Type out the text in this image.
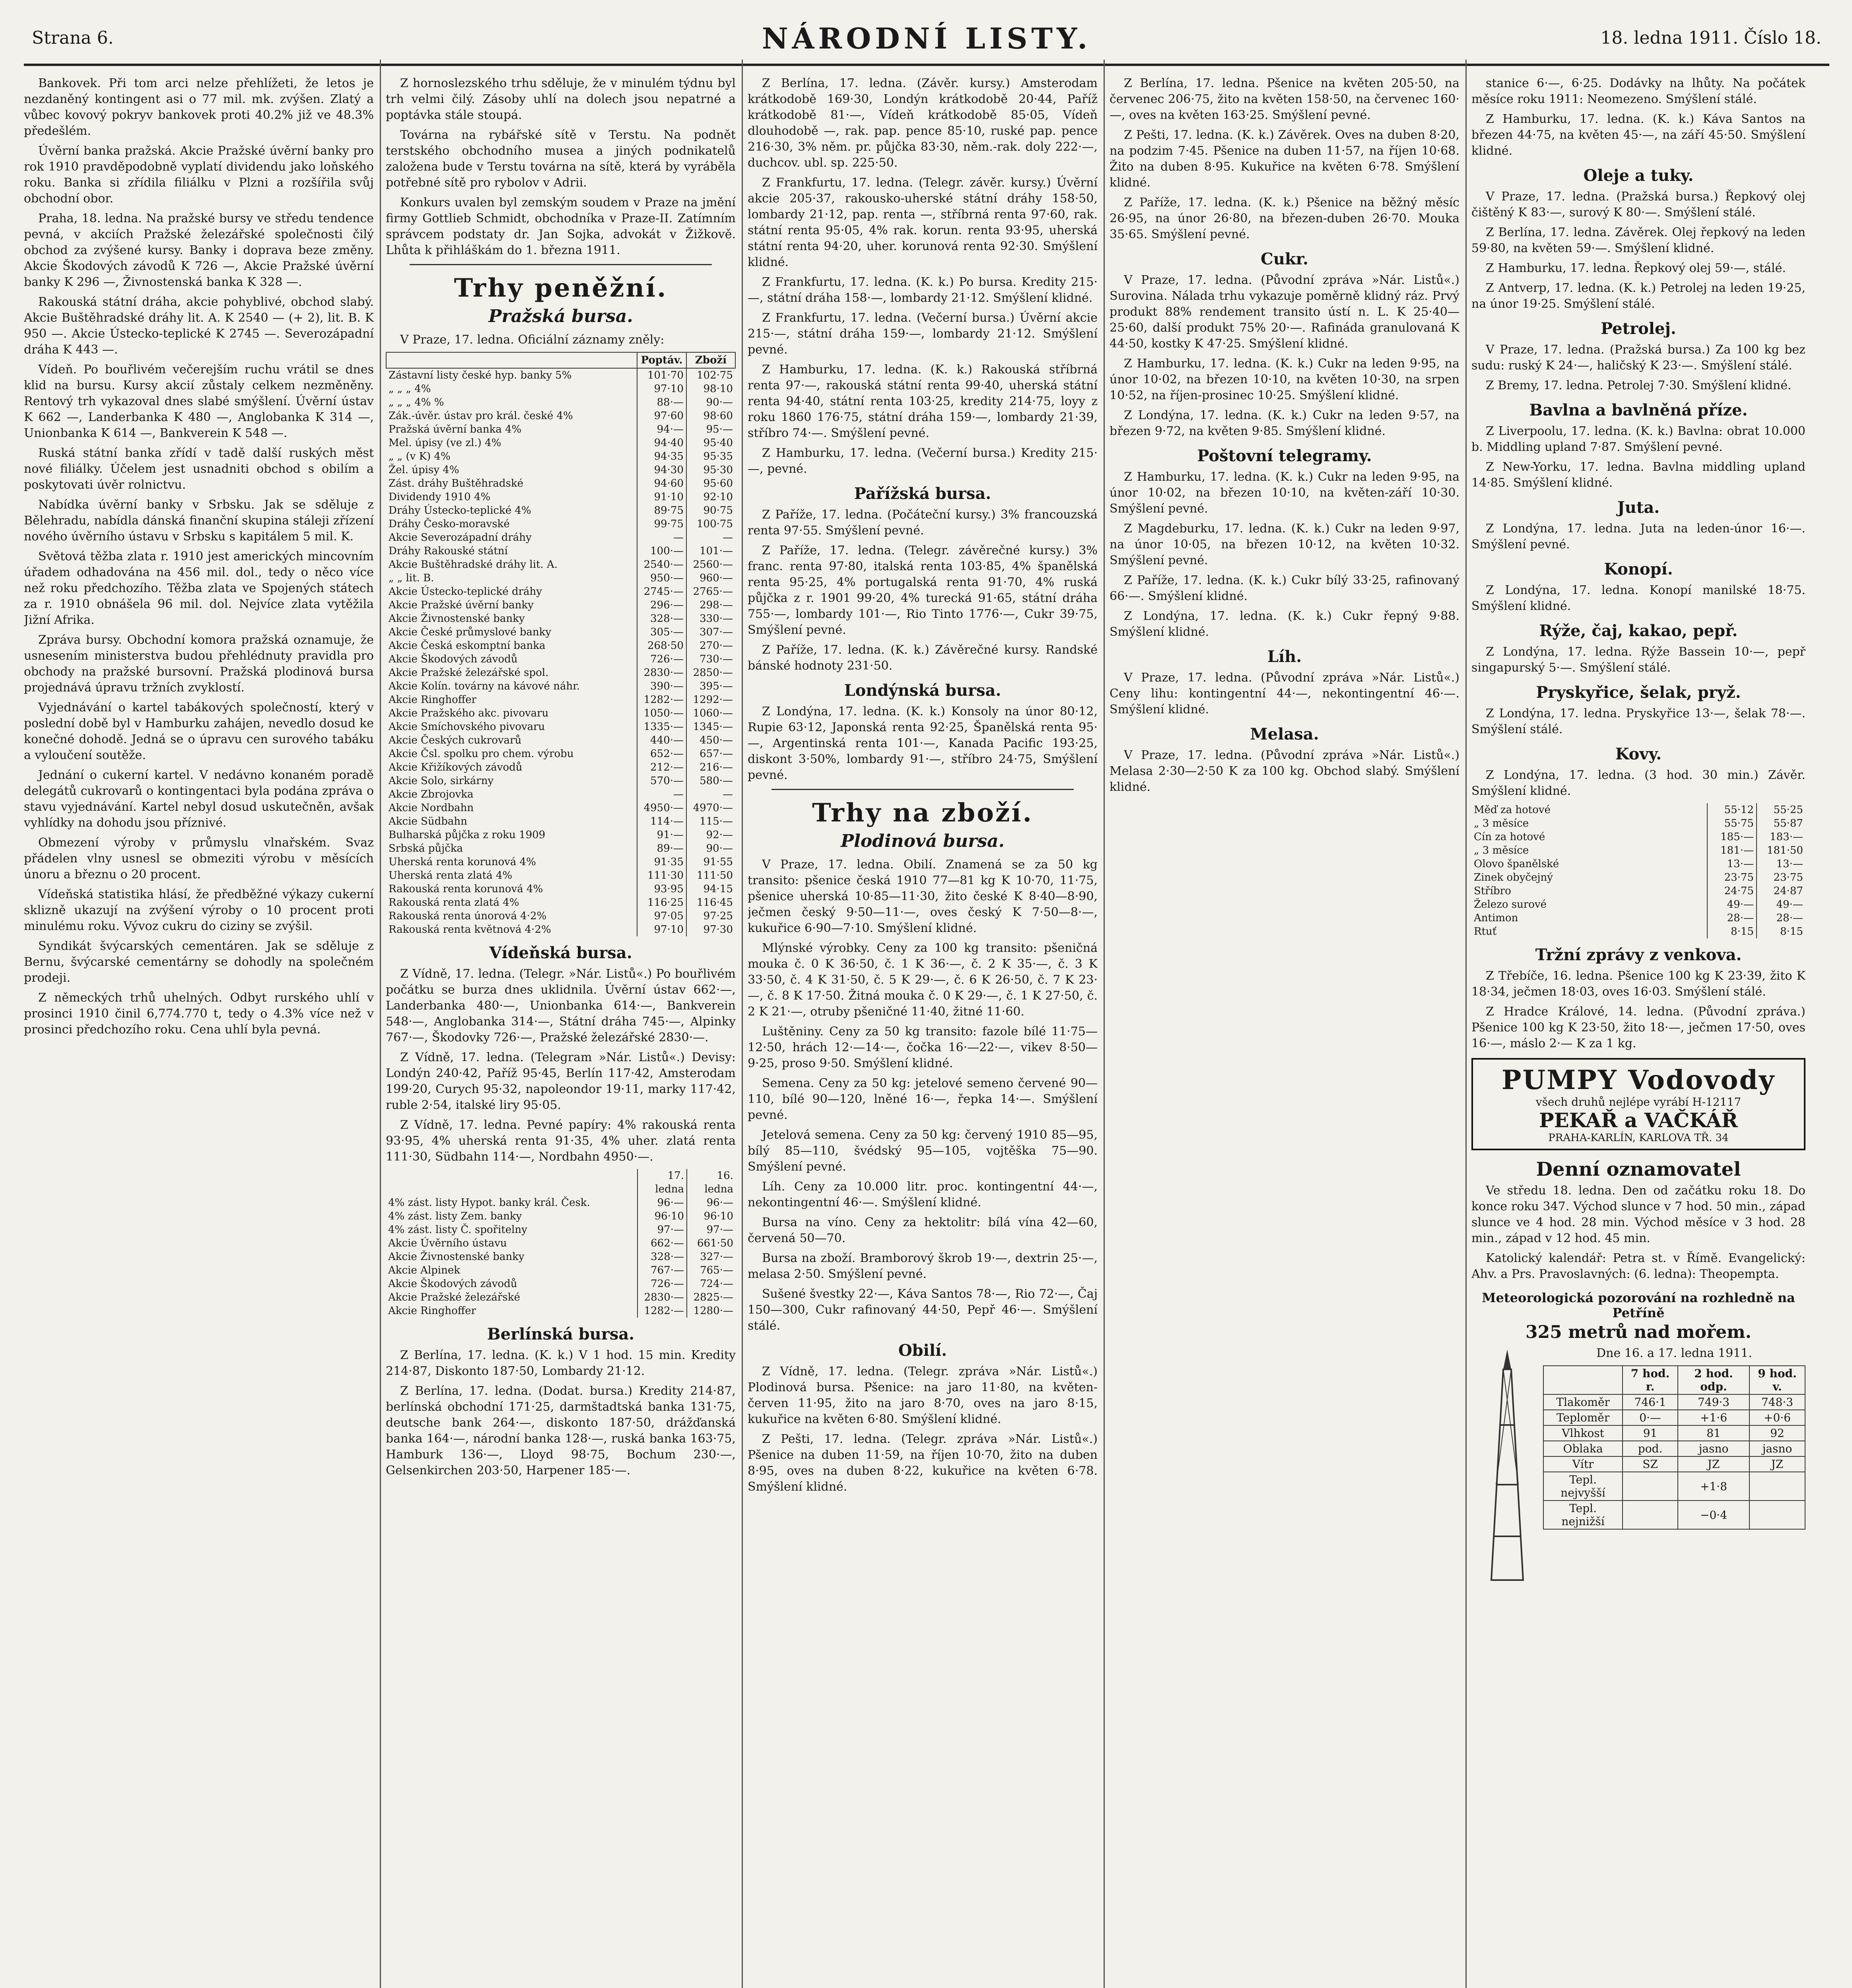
Strana 6.	NÁRODNÍ LISTY.	18. ledna 1911. Číslo 18.

Bankovek. Při tom arci nelze přehlížeti, že letos je nezdaněný kontingent asi o 77 mil. mk. zvýšen. Zlatý a vůbec kovový pokryv bankovek proti 40.2% již ve 48.3% předešlém.

Úvěrní banka pražská. Akcie Pražské úvěrní banky pro rok 1910 pravděpodobně vyplatí dividendu jako loňského roku. Banka si zřídila filiálku v Plzni a rozšířila svůj obchodní obor.

Praha, 18. ledna. Na pražské bursy ve středu tendence pevná, v akciích Pražské železářské společnosti čilý obchod za zvýšené kursy. Banky i doprava beze změny. Akcie Škodových závodů K 726 —, Akcie Pražské úvěrní banky K 296 —, Živnostenská banka K 328 —.

Rakouská státní dráha, akcie pohyblivé, obchod slabý. Akcie Buštěhradské dráhy lit. A. K 2540 — (+ 2), lit. B. K 950 —. Akcie Ústecko-teplické K 2745 —. Severozápadní dráha K 443 —.

Vídeň. Po bouřlivém večerejším ruchu vrátil se dnes klid na bursu. Kursy akcií zůstaly celkem nezměněny. Rentový trh vykazoval dnes slabé smýšlení. Úvěrní ústav K 662 —, Landerbanka K 480 —, Anglobanka K 314 —, Unionbanka K 614 —, Bankverein K 548 —.

Ruská státní banka zřídí v tadě další ruských měst nové filiálky. Účelem jest usnadniti obchod s obilím a poskytovati úvěr rolnictvu.

Nabídka úvěrní banky v Srbsku. Jak se sděluje z Bělehradu, nabídla dánská finanční skupina stáleji zřízení nového úvěrního ústavu v Srbsku s kapitálem 5 mil. K.

Světová těžba zlata r. 1910 jest amerických mincovním úřadem odhadována na 456 mil. dol., tedy o něco více než roku předchozího. Těžba zlata ve Spojených státech za r. 1910 obnášela 96 mil. dol. Nejvíce zlata vytěžila Jižní Afrika.

Zpráva bursy. Obchodní komora pražská oznamuje, že usnesením ministerstva budou přehlédnuty pravidla pro obchody na pražské bursovní. Pražská plodinová bursa projednává úpravu tržních zvyklostí.

Vyjednávání o kartel tabákových společností, který v poslední době byl v Hamburku zahájen, nevedlo dosud ke konečné dohodě. Jedná se o úpravu cen surového tabáku a vyloučení soutěže.

Jednání o cukerní kartel. V nedávno konaném poradě delegátů cukrovarů o kontingentaci byla podána zpráva o stavu vyjednávání. Kartel nebyl dosud uskutečněn, avšak vyhlídky na dohodu jsou příznivé.

Obmezení výroby v průmyslu vlnařském. Svaz přádelen vlny usnesl se obmeziti výrobu v měsících únoru a březnu o 20 procent.

Vídeňská statistika hlásí, že předběžné výkazy cukerní sklizně ukazují na zvýšení výroby o 10 procent proti minulému roku. Vývoz cukru do ciziny se zvýšil.

Syndikát švýcarských cementáren. Jak se sděluje z Bernu, švýcarské cementárny se dohodly na společném prodeji.

Z německých trhů uhelných. Odbyt rurského uhlí v prosinci 1910 činil 6,774.770 t, tedy o 4.3% více než v prosinci předchozího roku. Cena uhlí byla pevná.

Z hornoslezského trhu sděluje, že v minulém týdnu byl trh velmi čilý. Zásoby uhlí na dolech jsou nepatrné a poptávka stále stoupá.

Továrna na rybářské sítě v Terstu. Na podnět terstského obchodního musea a jiných podnikatelů založena bude v Terstu továrna na sítě, která by vyráběla potřebné sítě pro rybolov v Adrii.

Konkurs uvalen byl zemským soudem v Praze na jmění firmy Gottlieb Schmidt, obchodníka v Praze-II. Zatímním správcem podstaty dr. Jan Sojka, advokát v Žižkově. Lhůta k přihláškám do 1. března 1911.

Trhy peněžní.
Pražská bursa.

V Praze, 17. ledna. Oficiální záznamy zněly:

	Poptáv.	Zboží
Zástavní listy české hyp. banky 5%	101·70	102·75
„ „ „ 4%	97·10	98·10
„ „ „ 4% %	88·—	90·—
Zák.-úvěr. ústav pro král. české 4%	97·60	98·60
Pražská úvěrní banka 4%	94·—	95·—
Mel. úpisy (ve zl.) 4%	94·40	95·40
„ „ (v K) 4%	94·35	95·35
Žel. úpisy 4%	94·30	95·30
Zást. dráhy Buštěhradské	94·60	95·60
Dividendy 1910 4%	91·10	92·10
Dráhy Ústecko-teplické 4%	89·75	90·75
Dráhy Česko-moravské	99·75	100·75
Akcie Severozápadní dráhy	—	—
Dráhy Rakouské státní	100·—	101·—
Akcie Buštěhradské dráhy lit. A.	2540·—	2560·—
„ „ lit. B.	950·—	960·—
Akcie Ústecko-teplické dráhy	2745·—	2765·—
Akcie Pražské úvěrní banky	296·—	298·—
Akcie Živnostenské banky	328·—	330·—
Akcie České průmyslové banky	305·—	307·—
Akcie Česká eskomptní banka	268·50	270·—
Akcie Škodových závodů	726·—	730·—
Akcie Pražské železářské spol.	2830·—	2850·—
Akcie Kolín. továrny na kávové náhr.	390·—	395·—
Akcie Ringhoffer	1282·—	1292·—
Akcie Pražského akc. pivovaru	1050·—	1060·—
Akcie Smíchovského pivovaru	1335·—	1345·—
Akcie Českých cukrovarů	440·—	450·—
Akcie Čsl. spolku pro chem. výrobu	652·—	657·—
Akcie Křižíkových závodů	212·—	216·—
Akcie Solo, sirkárny	570·—	580·—
Akcie Zbrojovka	—	—
Akcie Nordbahn	4950·—	4970·—
Akcie Südbahn	114·—	115·—
Bulharská půjčka z roku 1909	91·—	92·—
Srbská půjčka	89·—	90·—
Uherská renta korunová 4%	91·35	91·55
Uherská renta zlatá 4%	111·30	111·50
Rakouská renta korunová 4%	93·95	94·15
Rakouská renta zlatá 4%	116·25	116·45
Rakouská renta únorová 4·2%	97·05	97·25
Rakouská renta květnová 4·2%	97·10	97·30
Vídeňská bursa.

Z Vídně, 17. ledna. (Telegr. »Nár. Listů«.) Po bouřlivém počátku se burza dnes uklidnila. Úvěrní ústav 662·—, Landerbanka 480·—, Unionbanka 614·—, Bankverein 548·—, Anglobanka 314·—, Státní dráha 745·—, Alpinky 767·—, Škodovky 726·—, Pražské železářské 2830·—.

Z Vídně, 17. ledna. (Telegram »Nár. Listů«.) Devisy: Londýn 240·42, Paříž 95·45, Berlín 117·42, Amsterodam 199·20, Curych 95·32, napoleondor 19·11, marky 117·42, ruble 2·54, italské liry 95·05.

Z Vídně, 17. ledna. Pevné papíry: 4% rakouská renta 93·95, 4% uherská renta 91·35, 4% uher. zlatá renta 111·30, Südbahn 114·—, Nordbahn 4950·—.

	17. ledna	16. ledna
4% zást. listy Hypot. banky král. Česk.	96·—	96·—
4% zást. listy Zem. banky	96·10	96·10
4% zást. listy Č. spořitelny	97·—	97·—
Akcie Úvěrního ústavu	662·—	661·50
Akcie Živnostenské banky	328·—	327·—
Akcie Alpinek	767·—	765·—
Akcie Škodových závodů	726·—	724·—
Akcie Pražské železářské	2830·—	2825·—
Akcie Ringhoffer	1282·—	1280·—
Berlínská bursa.

Z Berlína, 17. ledna. (K. k.) V 1 hod. 15 min. Kredity 214·87, Diskonto 187·50, Lombardy 21·12.

Z Berlína, 17. ledna. (Dodat. bursa.) Kredity 214·87, berlínská obchodní 171·25, darmštadtská banka 131·75, deutsche bank 264·—, diskonto 187·50, drážďanská banka 164·—, národní banka 128·—, ruská banka 163·75, Hamburk 136·—, Lloyd 98·75, Bochum 230·—, Gelsenkirchen 203·50, Harpener 185·—.

Z Berlína, 17. ledna. (Závěr. kursy.) Amsterodam krátkodobě 169·30, Londýn krátkodobě 20·44, Paříž krátkodobě 81·—, Vídeň krátkodobě 85·05, Vídeň dlouhodobě —, rak. pap. pence 85·10, ruské pap. pence 216·30, 3% něm. pr. půjčka 83·30, něm.-rak. doly 222·—, duchcov. ubl. sp. 225·50.

Z Frankfurtu, 17. ledna. (Telegr. závěr. kursy.) Úvěrní akcie 205·37, rakousko-uherské státní dráhy 158·50, lombardy 21·12, pap. renta —, stříbrná renta 97·60, rak. státní renta 95·05, 4% rak. korun. renta 93·95, uherská státní renta 94·20, uher. korunová renta 92·30. Smýšlení klidné.

Z Frankfurtu, 17. ledna. (K. k.) Po bursa. Kredity 215·—, státní dráha 158·—, lombardy 21·12. Smýšlení klidné.

Z Frankfurtu, 17. ledna. (Večerní bursa.) Úvěrní akcie 215·—, státní dráha 159·—, lombardy 21·12. Smýšlení pevné.

Z Hamburku, 17. ledna. (K. k.) Rakouská stříbrná renta 97·—, rakouská státní renta 99·40, uherská státní renta 94·40, státní renta 103·25, kredity 214·75, loyy z roku 1860 176·75, státní dráha 159·—, lombardy 21·39, stříbro 74·—. Smýšlení pevné.

Z Hamburku, 17. ledna. (Večerní bursa.) Kredity 215·—, pevné.

Pařížská bursa.

Z Paříže, 17. ledna. (Počáteční kursy.) 3% francouzská renta 97·55. Smýšlení pevné.

Z Paříže, 17. ledna. (Telegr. závěrečné kursy.) 3% franc. renta 97·80, italská renta 103·85, 4% španělská renta 95·25, 4% portugalská renta 91·70, 4% ruská půjčka z r. 1901 99·20, 4% turecká 91·65, státní dráha 755·—, lombardy 101·—, Rio Tinto 1776·—, Cukr 39·75, Smýšlení pevné.

Z Paříže, 17. ledna. (K. k.) Závěrečné kursy. Randské bánské hodnoty 231·50.

Londýnská bursa.

Z Londýna, 17. ledna. (K. k.) Konsoly na únor 80·12, Rupie 63·12, Japonská renta 92·25, Španělská renta 95·—, Argentinská renta 101·—, Kanada Pacific 193·25, diskont 3·50%, lombardy 91·—, stříbro 24·75, Smýšlení pevné.

Trhy na zboží.
Plodinová bursa.

V Praze, 17. ledna. Obilí. Znamená se za 50 kg transito: pšenice česká 1910 77—81 kg K 10·70, 11·75, pšenice uherská 10·85—11·30, žito české K 8·40—8·90, ječmen český 9·50—11·—, oves český K 7·50—8·—, kukuřice 6·90—7·10. Smýšlení klidné.

Mlýnské výrobky. Ceny za 100 kg transito: pšeničná mouka č. 0 K 36·50, č. 1 K 36·—, č. 2 K 35·—, č. 3 K 33·50, č. 4 K 31·50, č. 5 K 29·—, č. 6 K 26·50, č. 7 K 23·—, č. 8 K 17·50. Žitná mouka č. 0 K 29·—, č. 1 K 27·50, č. 2 K 21·—, otruby pšeničné 11·40, žitné 11·60.

Luštěniny. Ceny za 50 kg transito: fazole bílé 11·75—12·50, hrách 12·—14·—, čočka 16·—22·—, vikev 8·50—9·25, proso 9·50. Smýšlení klidné.

Semena. Ceny za 50 kg: jetelové semeno červené 90—110, bílé 90—120, lněné 16·—, řepka 14·—. Smýšlení pevné.

Jetelová semena. Ceny za 50 kg: červený 1910 85—95, bílý 85—110, švédský 95—105, vojtěška 75—90. Smýšlení pevné.

Líh. Ceny za 10.000 litr. proc. kontingentní 44·—, nekontingentní 46·—. Smýšlení klidné.

Bursa na víno. Ceny za hektolitr: bílá vína 42—60, červená 50—70.

Bursa na zboží. Bramborový škrob 19·—, dextrin 25·—, melasa 2·50. Smýšlení pevné.

Sušené švestky 22·—, Káva Santos 78·—, Rio 72·—, Čaj 150—300, Cukr rafinovaný 44·50, Pepř 46·—. Smýšlení stálé.

Obilí.

Z Vídně, 17. ledna. (Telegr. zpráva »Nár. Listů«.) Plodinová bursa. Pšenice: na jaro 11·80, na květen-červen 11·95, žito na jaro 8·70, oves na jaro 8·15, kukuřice na květen 6·80. Smýšlení klidné.

Z Pešti, 17. ledna. (Telegr. zpráva »Nár. Listů«.) Pšenice na duben 11·59, na říjen 10·70, žito na duben 8·95, oves na duben 8·22, kukuřice na květen 6·78. Smýšlení klidné.

Z Berlína, 17. ledna. Pšenice na květen 205·50, na červenec 206·75, žito na květen 158·50, na červenec 160·—, oves na květen 163·25. Smýšlení pevné.

Z Pešti, 17. ledna. (K. k.) Závěrek. Oves na duben 8·20, na podzim 7·45. Pšenice na duben 11·57, na říjen 10·68. Žito na duben 8·95. Kukuřice na květen 6·78. Smýšlení klidné.

Z Paříže, 17. ledna. (K. k.) Pšenice na běžný měsíc 26·95, na únor 26·80, na březen-duben 26·70. Mouka 35·65. Smýšlení pevné.

Cukr.

V Praze, 17. ledna. (Původní zpráva »Nár. Listů«.) Surovina. Nálada trhu vykazuje poměrně klidný ráz. Prvý produkt 88% rendement transito ústí n. L. K 25·40—25·60, další produkt 75% 20·—. Rafináda granulovaná K 44·50, kostky K 47·25. Smýšlení klidné.

Z Hamburku, 17. ledna. (K. k.) Cukr na leden 9·95, na únor 10·02, na březen 10·10, na květen 10·30, na srpen 10·52, na říjen-prosinec 10·25. Smýšlení klidné.

Z Londýna, 17. ledna. (K. k.) Cukr na leden 9·57, na březen 9·72, na květen 9·85. Smýšlení klidné.

Poštovní telegramy.

Z Hamburku, 17. ledna. (K. k.) Cukr na leden 9·95, na únor 10·02, na březen 10·10, na květen-září 10·30. Smýšlení pevné.

Z Magdeburku, 17. ledna. (K. k.) Cukr na leden 9·97, na únor 10·05, na březen 10·12, na květen 10·32. Smýšlení pevné.

Z Paříže, 17. ledna. (K. k.) Cukr bílý 33·25, rafinovaný 66·—. Smýšlení klidné.

Z Londýna, 17. ledna. (K. k.) Cukr řepný 9·88. Smýšlení klidné.

Líh.

V Praze, 17. ledna. (Původní zpráva »Nár. Listů«.) Ceny lihu: kontingentní 44·—, nekontingentní 46·—. Smýšlení klidné.

Melasa.

V Praze, 17. ledna. (Původní zpráva »Nár. Listů«.) Melasa 2·30—2·50 K za 100 kg. Obchod slabý. Smýšlení klidné.

stanice 6·—, 6·25. Dodávky na lhůty. Na počátek měsíce roku 1911: Neomezeno. Smýšlení stálé.

Z Hamburku, 17. ledna. (K. k.) Káva Santos na březen 44·75, na květen 45·—, na září 45·50. Smýšlení klidné.

Oleje a tuky.

V Praze, 17. ledna. (Pražská bursa.) Řepkový olej čištěný K 83·—, surový K 80·—. Smýšlení stálé.

Z Berlína, 17. ledna. Závěrek. Olej řepkový na leden 59·80, na květen 59·—. Smýšlení klidné.

Z Hamburku, 17. ledna. Řepkový olej 59·—, stálé.

Z Antverp, 17. ledna. (K. k.) Petrolej na leden 19·25, na únor 19·25. Smýšlení stálé.

Petrolej.

V Praze, 17. ledna. (Pražská bursa.) Za 100 kg bez sudu: ruský K 24·—, haličský K 23·—. Smýšlení stálé.

Z Bremy, 17. ledna. Petrolej 7·30. Smýšlení klidné.

Bavlna a bavlněná příze.

Z Liverpoolu, 17. ledna. (K. k.) Bavlna: obrat 10.000 b. Middling upland 7·87. Smýšlení pevné.

Z New-Yorku, 17. ledna. Bavlna middling upland 14·85. Smýšlení klidné.

Juta.

Z Londýna, 17. ledna. Juta na leden-únor 16·—. Smýšlení pevné.

Konopí.

Z Londýna, 17. ledna. Konopí manilské 18·75. Smýšlení klidné.

Rýže, čaj, kakao, pepř.

Z Londýna, 17. ledna. Rýže Bassein 10·—, pepř singapurský 5·—. Smýšlení stálé.

Pryskyřice, šelak, pryž.

Z Londýna, 17. ledna. Pryskyřice 13·—, šelak 78·—. Smýšlení stálé.

Kovy.

Z Londýna, 17. ledna. (3 hod. 30 min.) Závěr. Smýšlení klidné.

Měď za hotové	55·12	55·25
„ 3 měsíce	55·75	55·87
Cín za hotové	185·—	183·—
„ 3 měsíce	181·—	181·50
Olovo španělské	13·—	13·—
Zinek obyčejný	23·75	23·75
Stříbro	24·75	24·87
Železo surové	49·—	49·—
Antimon	28·—	28·—
Rtuť	8·15	8·15
Tržní zprávy z venkova.

Z Třebíče, 16. ledna. Pšenice 100 kg K 23·39, žito K 18·34, ječmen 18·03, oves 16·03. Smýšlení stálé.

Z Hradce Králové, 14. ledna. (Původní zpráva.) Pšenice 100 kg K 23·50, žito 18·—, ječmen 17·50, oves 16·—, máslo 2·— K za 1 kg.

PUMPY Vodovody
všech druhů nejlépe vyrábí H-12117
PEKAŘ a VAČKÁŘ
PRAHA-KARLÍN, KARLOVA TŘ. 34
Denní oznamovatel

Ve středu 18. ledna. Den od začátku roku 18. Do konce roku 347. Východ slunce v 7 hod. 50 min., západ slunce ve 4 hod. 28 min. Východ měsíce v 3 hod. 28 min., západ v 12 hod. 45 min.

Katolický kalendář: Petra st. v Římě. Evangelický: Ahv. a Prs. Pravoslavných: (6. ledna): Theopempta.

Meteorologická pozorování na rozhledně na Petříně
325 metrů nad mořem.

Dne 16. a 17. ledna 1911.

	7 hod. r.	2 hod. odp.	9 hod. v.
Tlakoměr	746·1	749·3	748·3
Teploměr	0·—	+1·6	+0·6
Vlhkost	91	81	92
Oblaka	pod.	jasno	jasno
Vítr	SZ	JZ	JZ
Tepl. nejvyšší		+1·8	
Tepl. nejnižší		−0·4	
